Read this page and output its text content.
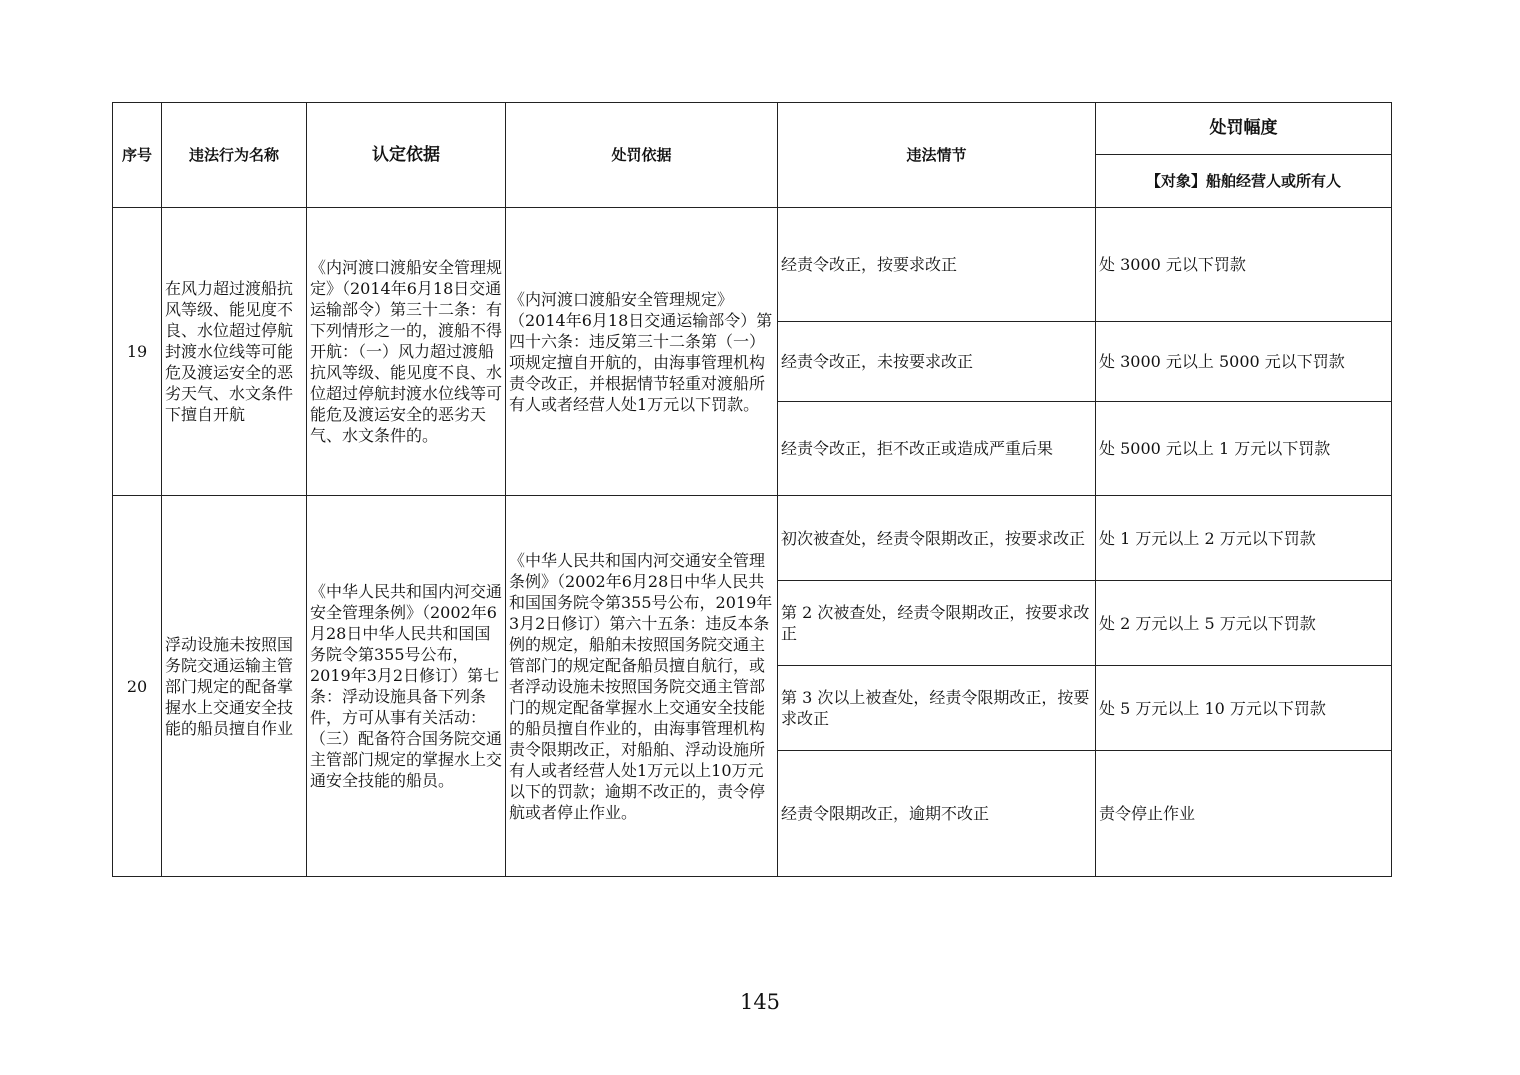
序号	违法行为名称	认定依据	处罚依据	违法情节	处罚幅度
					【对象】船舶经营人或所有人
19	在风力超过渡船抗风等级、能见度不良、水位超过停航封渡水位线等可能危及渡运安全的恶劣天气、水文条件下擅自开航	《内河渡口渡船安全管理规定》（2014年6月18日交通运输部令）第三十二条：有下列情形之一的，渡船不得开航：（一）风力超过渡船抗风等级、能见度不良、水位超过停航封渡水位线等可能危及渡运安全的恶劣天气、水文条件的。	《内河渡口渡船安全管理规定》（2014年6月18日交通运输部令）第四十六条：违反第三十二条第（一）项规定擅自开航的，由海事管理机构责令改正，并根据情节轻重对渡船所有人或者经营人处1万元以下罚款。	经责令改正，按要求改正	处 3000 元以下罚款
				经责令改正，未按要求改正	处 3000 元以上 5000 元以下罚款
				经责令改正，拒不改正或造成严重后果	处 5000 元以上 1 万元以下罚款
20	浮动设施未按照国务院交通运输主管部门规定的配备掌握水上交通安全技能的船员擅自作业	《中华人民共和国内河交通安全管理条例》（2002年6月28日中华人民共和国国务院令第355号公布，2019年3月2日修订）第七条：浮动设施具备下列条件，方可从事有关活动：
（三）配备符合国务院交通主管部门规定的掌握水上交通安全技能的船员。	《中华人民共和国内河交通安全管理条例》（2002年6月28日中华人民共和国国务院令第355号公布，2019年3月2日修订）第六十五条：违反本条例的规定，船舶未按照国务院交通主管部门的规定配备船员擅自航行，或者浮动设施未按照国务院交通主管部门的规定配备掌握水上交通安全技能的船员擅自作业的，由海事管理机构责令限期改正，对船舶、浮动设施所有人或者经营人处1万元以上10万元以下的罚款；逾期不改正的，责令停航或者停止作业。	初次被查处，经责令限期改正，按要求改正	处 1 万元以上 2 万元以下罚款
				第 2 次被查处，经责令限期改正，按要求改正	处 2 万元以上 5 万元以下罚款
				第 3 次以上被查处，经责令限期改正，按要求改正	处 5 万元以上 10 万元以下罚款
				经责令限期改正，逾期不改正	责令停止作业
145
